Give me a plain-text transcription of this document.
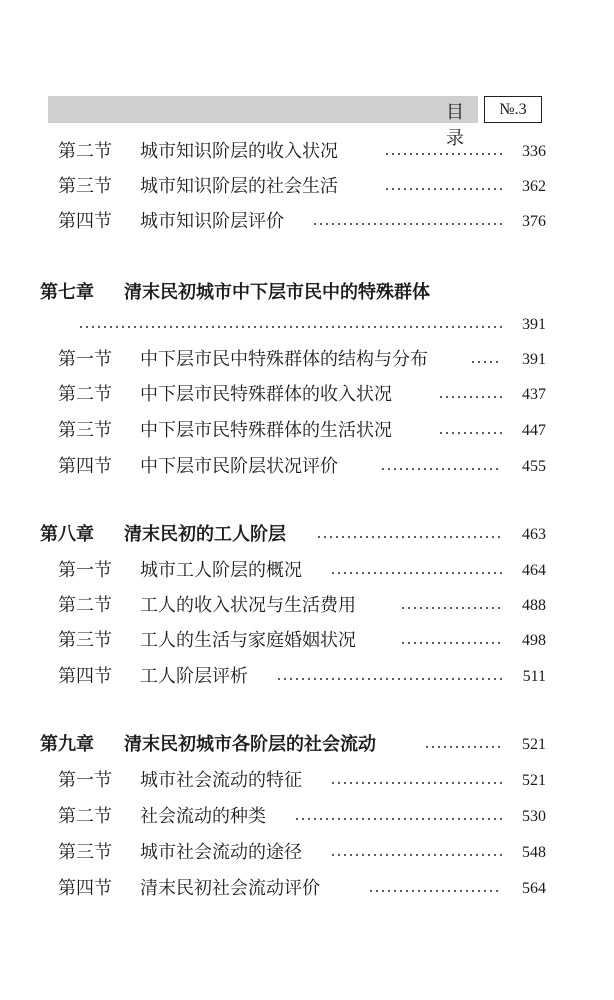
目 录
№.3
第二节 城市知识阶层的收入状况	336
第三节 城市知识阶层的社会生活	362
第四节 城市知识阶层评价	376
第七章 清末民初城市中下层市民中的特殊群体
391
第一节 中下层市民中特殊群体的结构与分布	391
第二节 中下层市民特殊群体的收入状况	437
第三节 中下层市民特殊群体的生活状况	447
第四节 中下层市民阶层状况评价	455
第八章 清末民初的工人阶层	463
第一节 城市工人阶层的概况	464
第二节 工人的收入状况与生活费用	488
第三节 工人的生活与家庭婚姻状况	498
第四节 工人阶层评析	511
第九章 清末民初城市各阶层的社会流动	521
第一节 城市社会流动的特征	521
第二节 社会流动的种类	530
第三节 城市社会流动的途径	548
第四节 清末民初社会流动评价	564
